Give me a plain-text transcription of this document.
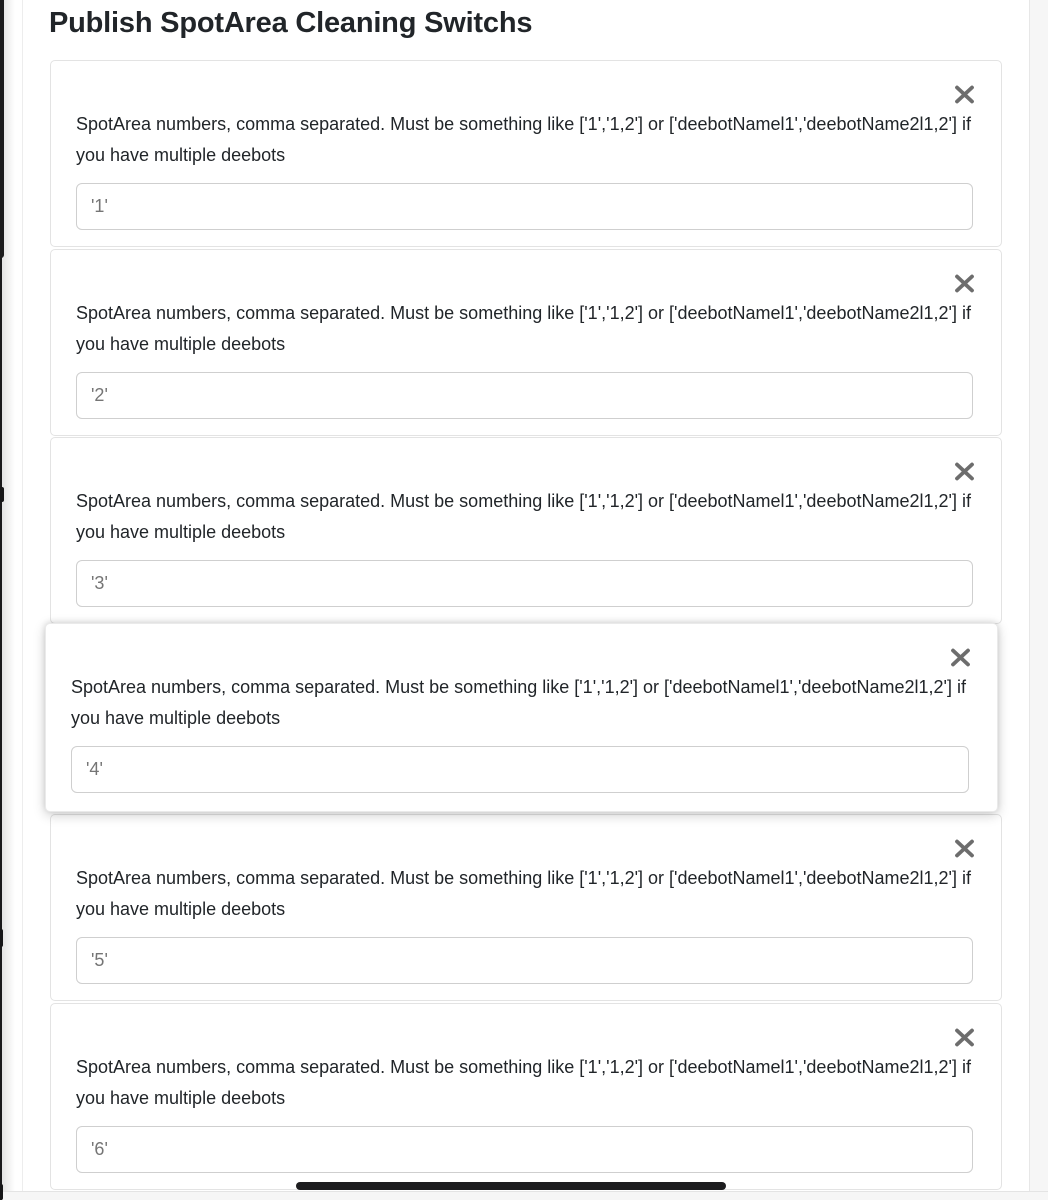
Publish SpotArea Cleaning Switchs
SpotArea numbers, comma separated. Must be something like ['1','1,2'] or ['deebotNamel1','deebotName2l1,2'] if you have multiple deebots
'1'
SpotArea numbers, comma separated. Must be something like ['1','1,2'] or ['deebotNamel1','deebotName2l1,2'] if you have multiple deebots
'2'
SpotArea numbers, comma separated. Must be something like ['1','1,2'] or ['deebotNamel1','deebotName2l1,2'] if you have multiple deebots
'3'
SpotArea numbers, comma separated. Must be something like ['1','1,2'] or ['deebotNamel1','deebotName2l1,2'] if you have multiple deebots
'4'
SpotArea numbers, comma separated. Must be something like ['1','1,2'] or ['deebotNamel1','deebotName2l1,2'] if you have multiple deebots
'5'
SpotArea numbers, comma separated. Must be something like ['1','1,2'] or ['deebotNamel1','deebotName2l1,2'] if you have multiple deebots
'6'
